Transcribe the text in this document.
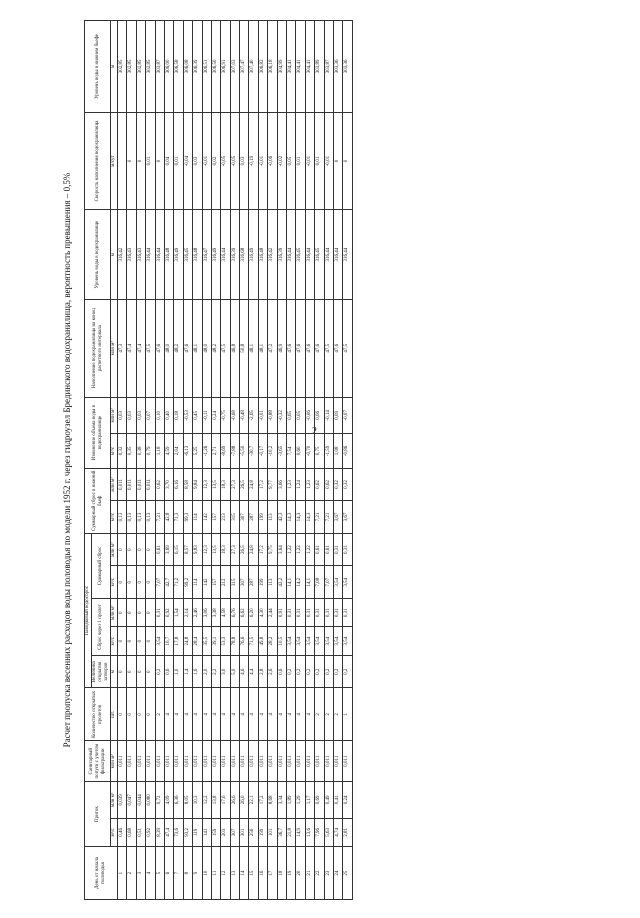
2
Расчет пропуска весенних расходов воды половодья по модели 1952 г. через гидроузел Брединского водохранилища, вероятность превышения – 0,5%
День от начала половодья	Приток		Санитарный попуск с учетом фильтрации	Количество открытых пролетов	Паводковый водосброс					Суммарный сброс в нижний бьеф		Изменение объема воды в водохранилище		Наполнение водохранилища на конец расчетного интервала	Уровень воды в водохранилище	Скорость наполнения водохранилища	Уровень воды в нижнем бьефе
					Величина открытия затворов	Сброс через 1 пролет		Суммарный сброс									
	м³/с	млн м³	млн м³	шт.	м	м³/с	млн м³	м³/с	млн м³	м³/с	млн м³	м³/с	млн м³	млн м³	м	м/сут	м
1	0,46	0,039	0,011	0	0	0	0	0	0	0,13	0,011	0,32	0,03	47,3	316,42		302,85
2	0,68	0,047	0,011	0	0	0	0	0	0	0,13	0,011	0,35	0,03	47,4	316,43	0	302,85
3	0,51	0,044	0,011	0	0	0	0	0	0	0,13	0,011	0,38	0,03	47,4	316,43	0	302,85
4	0,92	0,080	0,011	0	0	0	0	0	0	0,13	0,011	0,79	0,07	47,5	316,44	0,01	302,85
5	8,39	0,72	0,011	2	0,2	3,54	0,31	7,07	0,61	7,21	0,62	1,18	0,10	47,6	316,44	0	303,87
6	47,4	4,09	0,011	4	0,6	10,7	0,92	42,7	3,69	42,8	3,70	4,59	0,40	48,0	316,48	0,04	306,00
7	73,6	6,36	0,011	4	1,0	17,8	1,54	71,2	6,15	71,3	6,16	2,04	0,18	48,2	316,49	0,01	306,58
8	93,2	8,05	0,011	4	1,4	24,8	2,14	99,2	8,57	99,3	8,58	-6,13	-0,53	47,6	316,45	-0,04	306,08
9	119	10,3	0,011	4	1,6	28,4	2,46	114	9,83	114	9,84	5,25	0,45	48,1	316,48	0,03	306,39
10	141	12,2	0,011	4	2,0	35,5	3,06	142	12,3	142	12,3	-1,26	-0,11	48,0	316,47	-0,01	306,51
11	159	13,8	0,011	4	2,2	39,1	3,38	157	13,5	157	13,5	2,71	0,24	48,2	316,49	0,02	306,50
12	203	17,6	0,011	4	3,0	53,3	4,58	212	18,3	213	18,3	-8,69	-0,75	47,5	316,44	-0,05	306,91
13	307	26,6	0,011	4	5,0	78,8	6,76	315	27,3	315	27,3	-7,88	-0,68	46,8	316,39	-0,05	307,03
14	301	26,0	0,011	4	4,6	76,6	6,62	307	26,5	307	26,5	-5,50	-0,48	50,8	316,68	0,03	307,47
15	256	22,1	0,011	4	4,4	71,5	6,20	287	24,8	287	24,8	-30,7	-2,65	48,1	316,49	-0,19	307,40
16	199	17,2	0,011	4	2,8	49,8	4,30	199	17,2	199	17,2	-0,17	-0,01	48,1	316,48	-0,01	306,82
17	101	8,68	0,011	4	2,6	28,2	2,44	113	9,75	113	9,77	-10,2	-0,88	47,2	316,42	-0,06	306,18
18	36,7	3,34	0,011	4	0,6	10,5	0,91	42,2	3,64	42,3	3,66	-3,65	-0,32	46,9	316,39	-0,02	304,99
19	21,8	1,89	0,011	4	0,2	3,54	0,31	14,1	1,22	14,3	1,23	7,54	0,65	47,6	316,44	0,05	304,41
20	14,9	1,29	0,011	4	0,2	3,54	0,31	14,2	1,22	14,3	1,24	0,60	0,05	47,6	316,45	0,01	304,41
21	13,6	1,17	0,011	4	0,2	3,54	0,31	14,1	1,22	14,3	1,23	-0,70	-0,06	47,6	316,44	-0,01	304,41
22	7,96	0,69	0,011	2	0,2	3,54	0,31	7,08	0,61	7,21	0,62	0,75	0,06	47,6	316,45	0,01	303,89
23	5,63	0,49	0,011	2	0,2	3,54	0,31	7,07	0,61	7,21	0,62	-1,59	-0,14	47,5	316,44	-0,01	303,87
24	4,74	0,41	0,011	2	0,2	3,54	0,31	3,54	0,31	3,67	0,32	1,08	0,09	47,6	316,44	0	303,36
25	2,81	0,24	0,011	1	0,2	3,54	0,31	3,54	0,31	3,67	0,32	-0,86	-0,07	47,5	316,44	0	303,36
